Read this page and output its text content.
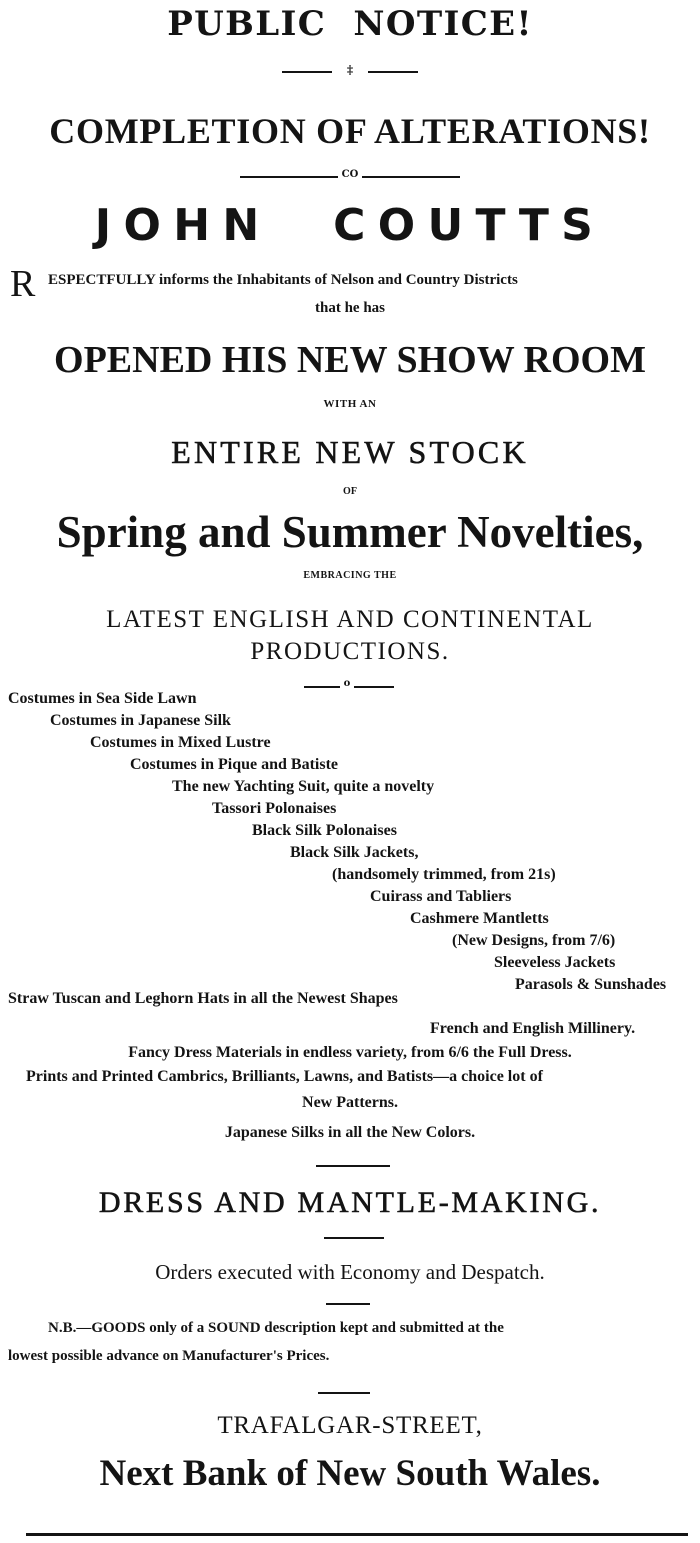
PUBLIC NOTICE!
‡
COMPLETION OF ALTERATIONS!
CO
JOHN COUTTS
R ESPECTFULLY informs the Inhabitants of Nelson and Country Districts
that he has
OPENED HIS NEW SHOW ROOM
WITH AN
ENTIRE NEW STOCK
OF
Spring and Summer Novelties,
EMBRACING THE
LATEST ENGLISH AND CONTINENTAL
PRODUCTIONS.
o
Costumes in Sea Side Lawn
Costumes in Japanese Silk
Costumes in Mixed Lustre
Costumes in Pique and Batiste
The new Yachting Suit, quite a novelty
Tassori Polonaises
Black Silk Polonaises
Black Silk Jackets,
(handsomely trimmed, from 21s)
Cuirass and Tabliers
Cashmere Mantletts
(New Designs, from 7/6)
Sleeveless Jackets
Parasols & Sunshades
Straw Tuscan and Leghorn Hats in all the Newest Shapes
French and English Millinery.
Fancy Dress Materials in endless variety, from 6/6 the Full Dress.
Prints and Printed Cambrics, Brilliants, Lawns, and Batists—a choice lot of
New Patterns.
Japanese Silks in all the New Colors.
DRESS AND MANTLE-MAKING.
Orders executed with Economy and Despatch.
N.B.—GOODS only of a SOUND description kept and submitted at the
lowest possible advance on Manufacturer's Prices.
TRAFALGAR-STREET,
Next Bank of New South Wales.
